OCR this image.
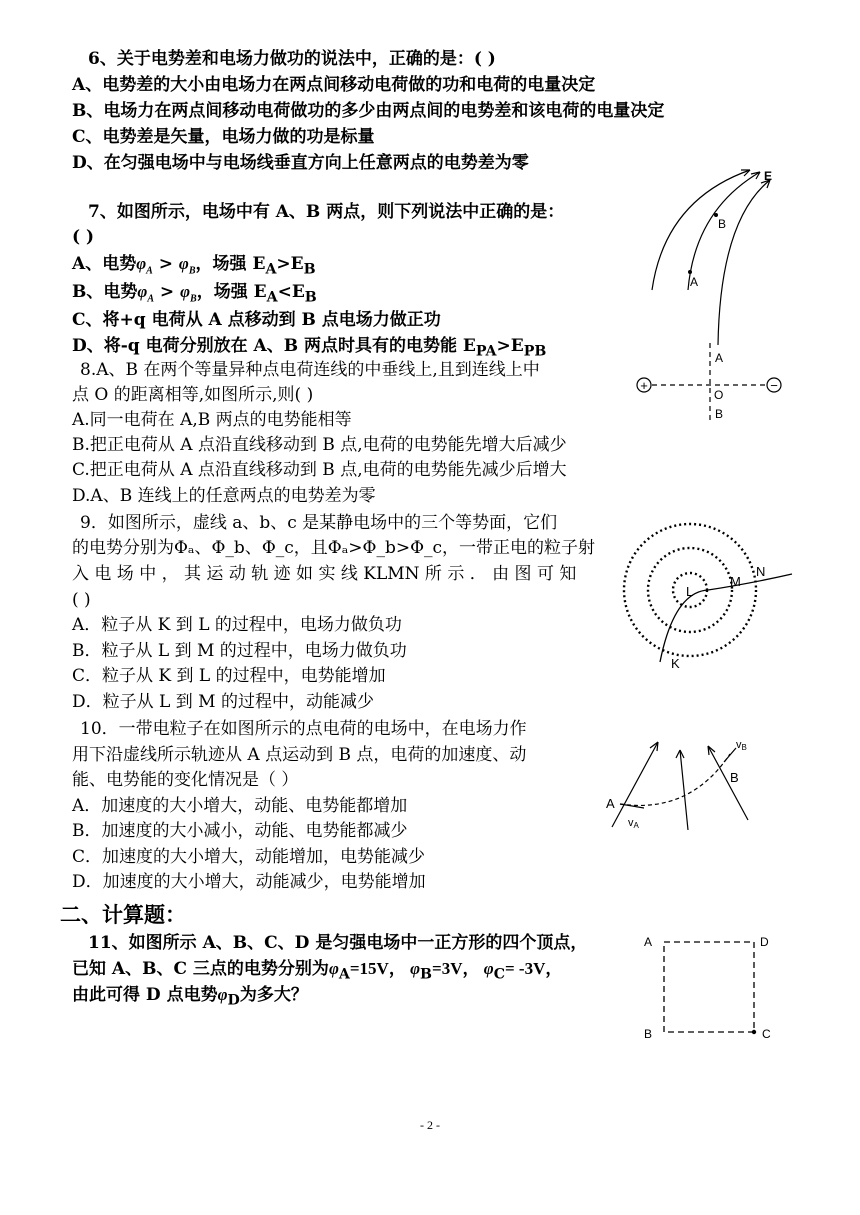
6、关于电势差和电场力做功的说法中，正确的是：( )
A、电势差的大小由电场力在两点间移动电荷做的功和电荷的电量决定
B、电场力在两点间移动电荷做功的多少由两点间的电势差和该电荷的电量决定
C、电势差是矢量，电场力做的功是标量
D、在匀强电场中与电场线垂直方向上任意两点的电势差为零
7、如图所示，电场中有 A、B 两点，则下列说法中正确的是：
( )
A、电势$\varphi_A > \varphi_B$，场强 $E_A>E_B$
B、电势$\varphi_A > \varphi_B$，场强 $E_A<E_B$
C、将+q 电荷从 A 点移动到 B 点电场力做正功
D、将-q 电荷分别放在 A、B 两点时具有的电势能 $E_{PA}>E_{PB}$
E
B
A
8.A、B 在两个等量异种点电荷连线的中垂线上,且到连线上中
点 O 的距离相等,如图所示,则( )
A.同一电荷在 A,B 两点的电势能相等
B.把正电荷从 A 点沿直线移动到 B 点,电荷的电势能先增大后减少
C.把正电荷从 A 点沿直线移动到 B 点,电荷的电势能先减少后增大
D.A、B 连线上的任意两点的电势差为零
+	−
A
O
B
9．如图所示，虚线 a、b、c 是某静电场中的三个等势面，它们
的电势分别为Φₐ、Φ_b、Φ_c，且Φₐ>Φ_b>Φ_c，一带正电的粒子射
入 电 场 中 ， 其 运 动 轨 迹 如 实 线 KLMN 所 示 ． 由 图 可 知
( )
A．粒子从 K 到 L 的过程中，电场力做负功
B．粒子从 L 到 M 的过程中，电场力做负功
C．粒子从 K 到 L 的过程中，电势能增加
D．粒子从 L 到 M 的过程中，动能减少
L
M
N
K
10．一带电粒子在如图所示的点电荷的电场中，在电场力作
用下沿虚线所示轨迹从 A 点运动到 B 点，电荷的加速度、动
能、电势能的变化情况是（ ）
A．加速度的大小增大，动能、电势能都增加
B．加速度的大小减小，动能、电势能都减少
C．加速度的大小增大，动能增加，电势能减少
D．加速度的大小增大，动能减少，电势能增加
A
B
vA
vB
二、计算题：
11、如图所示 A、B、C、D 是匀强电场中一正方形的四个顶点，
已知 A、B、C 三点的电势分别为$\varphi_A=15V$， $\varphi_B=3V$， $\varphi_C= -3V$，
由此可得 D 点电势$\varphi_D$为多大？
A	D
B	C
- 2 -
